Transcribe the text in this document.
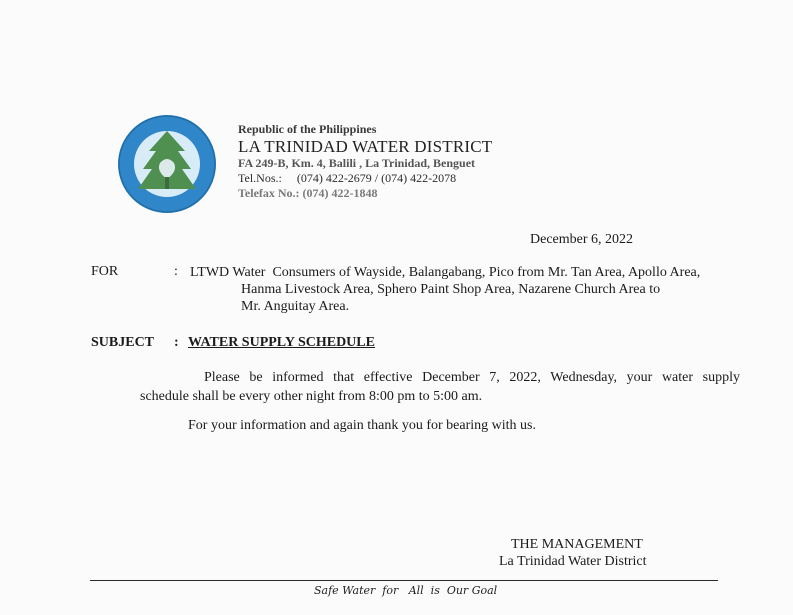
Republic of the Philippines
LA TRINIDAD WATER DISTRICT
FA 249-B, Km. 4, Balili , La Trinidad, Benguet
Tel.Nos.:     (074) 422-2679 / (074) 422-2078
Telefax No.: (074) 422-1848
December 6, 2022
FOR	: LTWD Water  Consumers of Wayside, Balangabang, Pico from Mr. Tan Area, Apollo Area,
Hanma Livestock Area, Sphero Paint Shop Area, Nazarene Church Area to
Mr. Anguitay Area.
SUBJECT : WATER SUPPLY SCHEDULE
Please be informed that effective December 7, 2022, Wednesday, your water supply
schedule shall be every other night from 8:00 pm to 5:00 am.
For your information and again thank you for bearing with us.
THE MANAGEMENT
La Trinidad Water District
Safe Water  for   All  is  Our Goal
